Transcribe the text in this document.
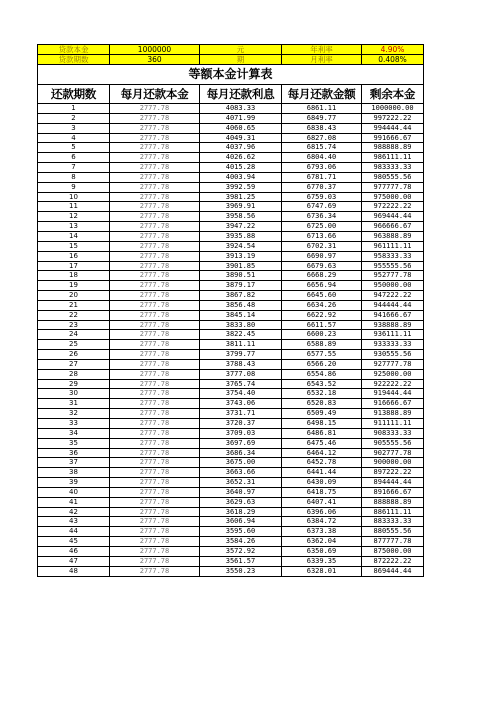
贷款本金	1000000	元	年利率	4.90%
贷款期数	360	期	月利率	0.408%
等额本金计算表				
还款期数	每月还款本金	每月还款利息	每月还款金额	剩余本金
1	2777.78	4083.33	6861.11	1000000.00
2	2777.78	4071.99	6849.77	997222.22
3	2777.78	4060.65	6838.43	994444.44
4	2777.78	4049.31	6827.08	991666.67
5	2777.78	4037.96	6815.74	988888.89
6	2777.78	4026.62	6804.40	986111.11
7	2777.78	4015.28	6793.06	983333.33
8	2777.78	4003.94	6781.71	980555.56
9	2777.78	3992.59	6770.37	977777.78
10	2777.78	3981.25	6759.03	975000.00
11	2777.78	3969.91	6747.69	972222.22
12	2777.78	3958.56	6736.34	969444.44
13	2777.78	3947.22	6725.00	966666.67
14	2777.78	3935.88	6713.66	963888.89
15	2777.78	3924.54	6702.31	961111.11
16	2777.78	3913.19	6690.97	958333.33
17	2777.78	3901.85	6679.63	955555.56
18	2777.78	3890.51	6668.29	952777.78
19	2777.78	3879.17	6656.94	950000.00
20	2777.78	3867.82	6645.60	947222.22
21	2777.78	3856.48	6634.26	944444.44
22	2777.78	3845.14	6622.92	941666.67
23	2777.78	3833.80	6611.57	938888.89
24	2777.78	3822.45	6600.23	936111.11
25	2777.78	3811.11	6588.89	933333.33
26	2777.78	3799.77	6577.55	930555.56
27	2777.78	3788.43	6566.20	927777.78
28	2777.78	3777.08	6554.86	925000.00
29	2777.78	3765.74	6543.52	922222.22
30	2777.78	3754.40	6532.18	919444.44
31	2777.78	3743.06	6520.83	916666.67
32	2777.78	3731.71	6509.49	913888.89
33	2777.78	3720.37	6498.15	911111.11
34	2777.78	3709.03	6486.81	908333.33
35	2777.78	3697.69	6475.46	905555.56
36	2777.78	3686.34	6464.12	902777.78
37	2777.78	3675.00	6452.78	900000.00
38	2777.78	3663.66	6441.44	897222.22
39	2777.78	3652.31	6430.09	894444.44
40	2777.78	3640.97	6418.75	891666.67
41	2777.78	3629.63	6407.41	888888.89
42	2777.78	3618.29	6396.06	886111.11
43	2777.78	3606.94	6384.72	883333.33
44	2777.78	3595.60	6373.38	880555.56
45	2777.78	3584.26	6362.04	877777.78
46	2777.78	3572.92	6350.69	875000.00
47	2777.78	3561.57	6339.35	872222.22
48	2777.78	3550.23	6328.01	869444.44
